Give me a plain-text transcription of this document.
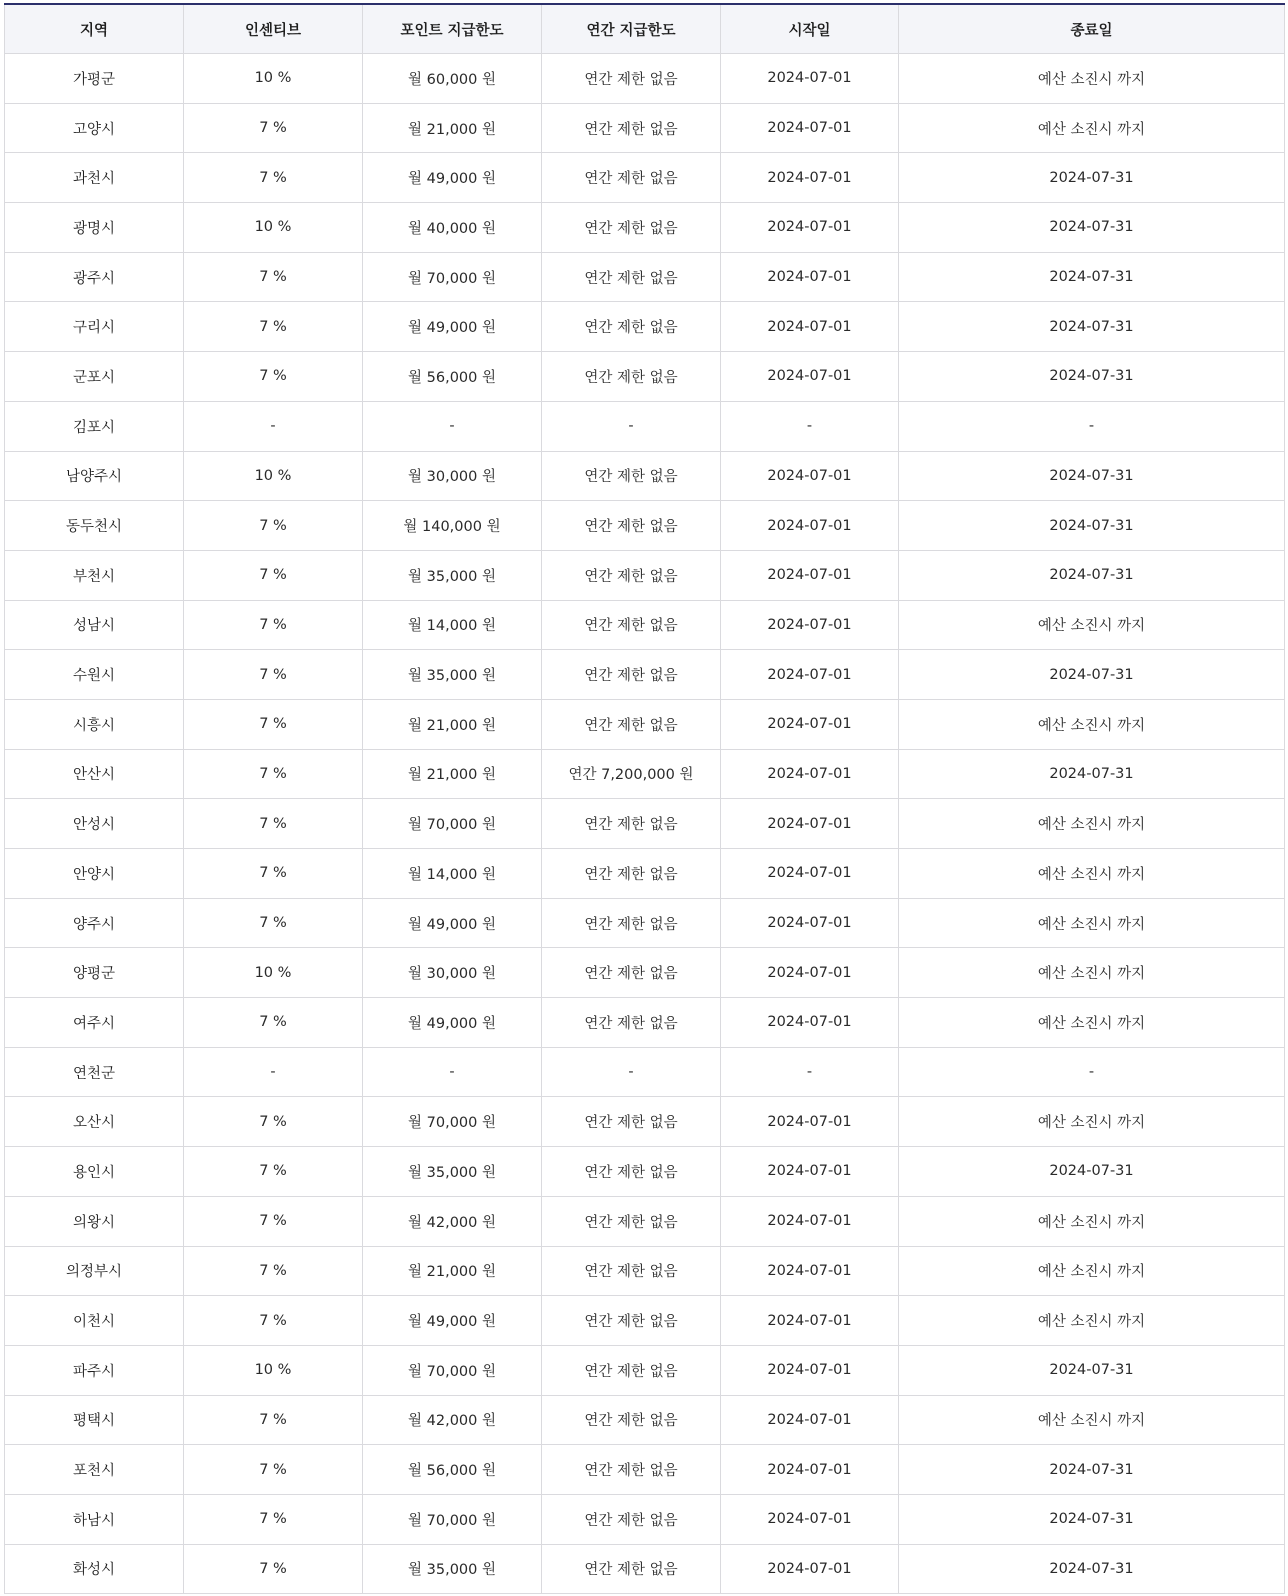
지역	인센티브	포인트 지급한도	연간 지급한도	시작일	종료일
가평군	10 %	월 60,000 원	연간 제한 없음	2024-07-01	예산 소진시 까지
고양시	7 %	월 21,000 원	연간 제한 없음	2024-07-01	예산 소진시 까지
과천시	7 %	월 49,000 원	연간 제한 없음	2024-07-01	2024-07-31
광명시	10 %	월 40,000 원	연간 제한 없음	2024-07-01	2024-07-31
광주시	7 %	월 70,000 원	연간 제한 없음	2024-07-01	2024-07-31
구리시	7 %	월 49,000 원	연간 제한 없음	2024-07-01	2024-07-31
군포시	7 %	월 56,000 원	연간 제한 없음	2024-07-01	2024-07-31
김포시	-	-	-	-	-
남양주시	10 %	월 30,000 원	연간 제한 없음	2024-07-01	2024-07-31
동두천시	7 %	월 140,000 원	연간 제한 없음	2024-07-01	2024-07-31
부천시	7 %	월 35,000 원	연간 제한 없음	2024-07-01	2024-07-31
성남시	7 %	월 14,000 원	연간 제한 없음	2024-07-01	예산 소진시 까지
수원시	7 %	월 35,000 원	연간 제한 없음	2024-07-01	2024-07-31
시흥시	7 %	월 21,000 원	연간 제한 없음	2024-07-01	예산 소진시 까지
안산시	7 %	월 21,000 원	연간 7,200,000 원	2024-07-01	2024-07-31
안성시	7 %	월 70,000 원	연간 제한 없음	2024-07-01	예산 소진시 까지
안양시	7 %	월 14,000 원	연간 제한 없음	2024-07-01	예산 소진시 까지
양주시	7 %	월 49,000 원	연간 제한 없음	2024-07-01	예산 소진시 까지
양평군	10 %	월 30,000 원	연간 제한 없음	2024-07-01	예산 소진시 까지
여주시	7 %	월 49,000 원	연간 제한 없음	2024-07-01	예산 소진시 까지
연천군	-	-	-	-	-
오산시	7 %	월 70,000 원	연간 제한 없음	2024-07-01	예산 소진시 까지
용인시	7 %	월 35,000 원	연간 제한 없음	2024-07-01	2024-07-31
의왕시	7 %	월 42,000 원	연간 제한 없음	2024-07-01	예산 소진시 까지
의정부시	7 %	월 21,000 원	연간 제한 없음	2024-07-01	예산 소진시 까지
이천시	7 %	월 49,000 원	연간 제한 없음	2024-07-01	예산 소진시 까지
파주시	10 %	월 70,000 원	연간 제한 없음	2024-07-01	2024-07-31
평택시	7 %	월 42,000 원	연간 제한 없음	2024-07-01	예산 소진시 까지
포천시	7 %	월 56,000 원	연간 제한 없음	2024-07-01	2024-07-31
하남시	7 %	월 70,000 원	연간 제한 없음	2024-07-01	2024-07-31
화성시	7 %	월 35,000 원	연간 제한 없음	2024-07-01	2024-07-31
